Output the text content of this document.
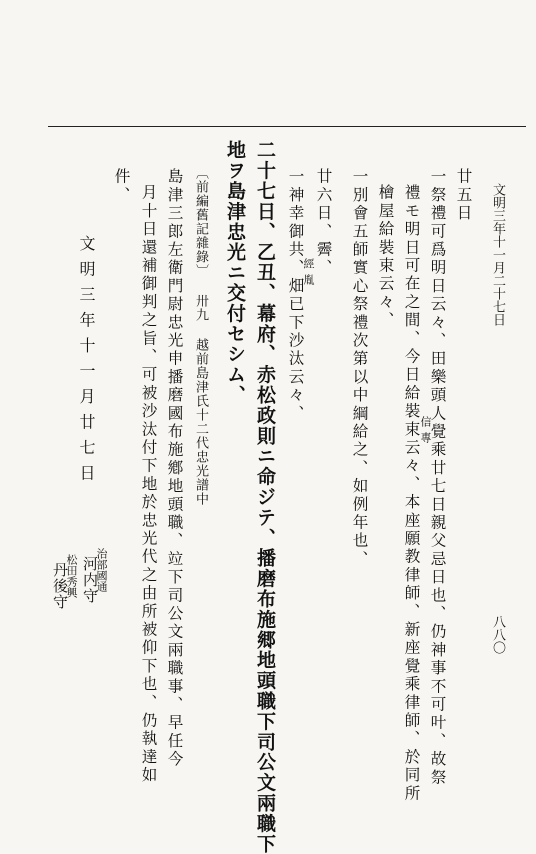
文明三年十一月二十七日
八八〇
廿五日
一祭禮可爲明日云々、田樂頭人覺乘廿七日親父忌日也、仍神事不可叶、故祭
禮モ明日可在之間、今日給裝束云々、本座願教律師、新座覺乘律師、於同所
信專
檜屋給裝束云々、
一別會五師實心祭禮次第以中綱給之、如例年也、
廿六日、霽、
一神幸御共、畑已下沙汰云々、
經胤
二十七日、乙丑、幕府、赤松政則ニ命ジテ、播磨布施郷地頭職下司公文兩職下
地ヲ島津忠光ニ交付セシム、
〔前編舊記雜錄〕 卅九 越前島津氏十二代忠光譜中
島津三郎左衛門尉忠光申播磨國布施鄕地頭職、竝下司公文兩職事、早任今
月十日還補御判之旨、可被沙汰付下地於忠光代之由所被仰下也、仍執達如
件、
文明三年十一月廿七日
治部國通
河内守
松田秀興
丹後守
